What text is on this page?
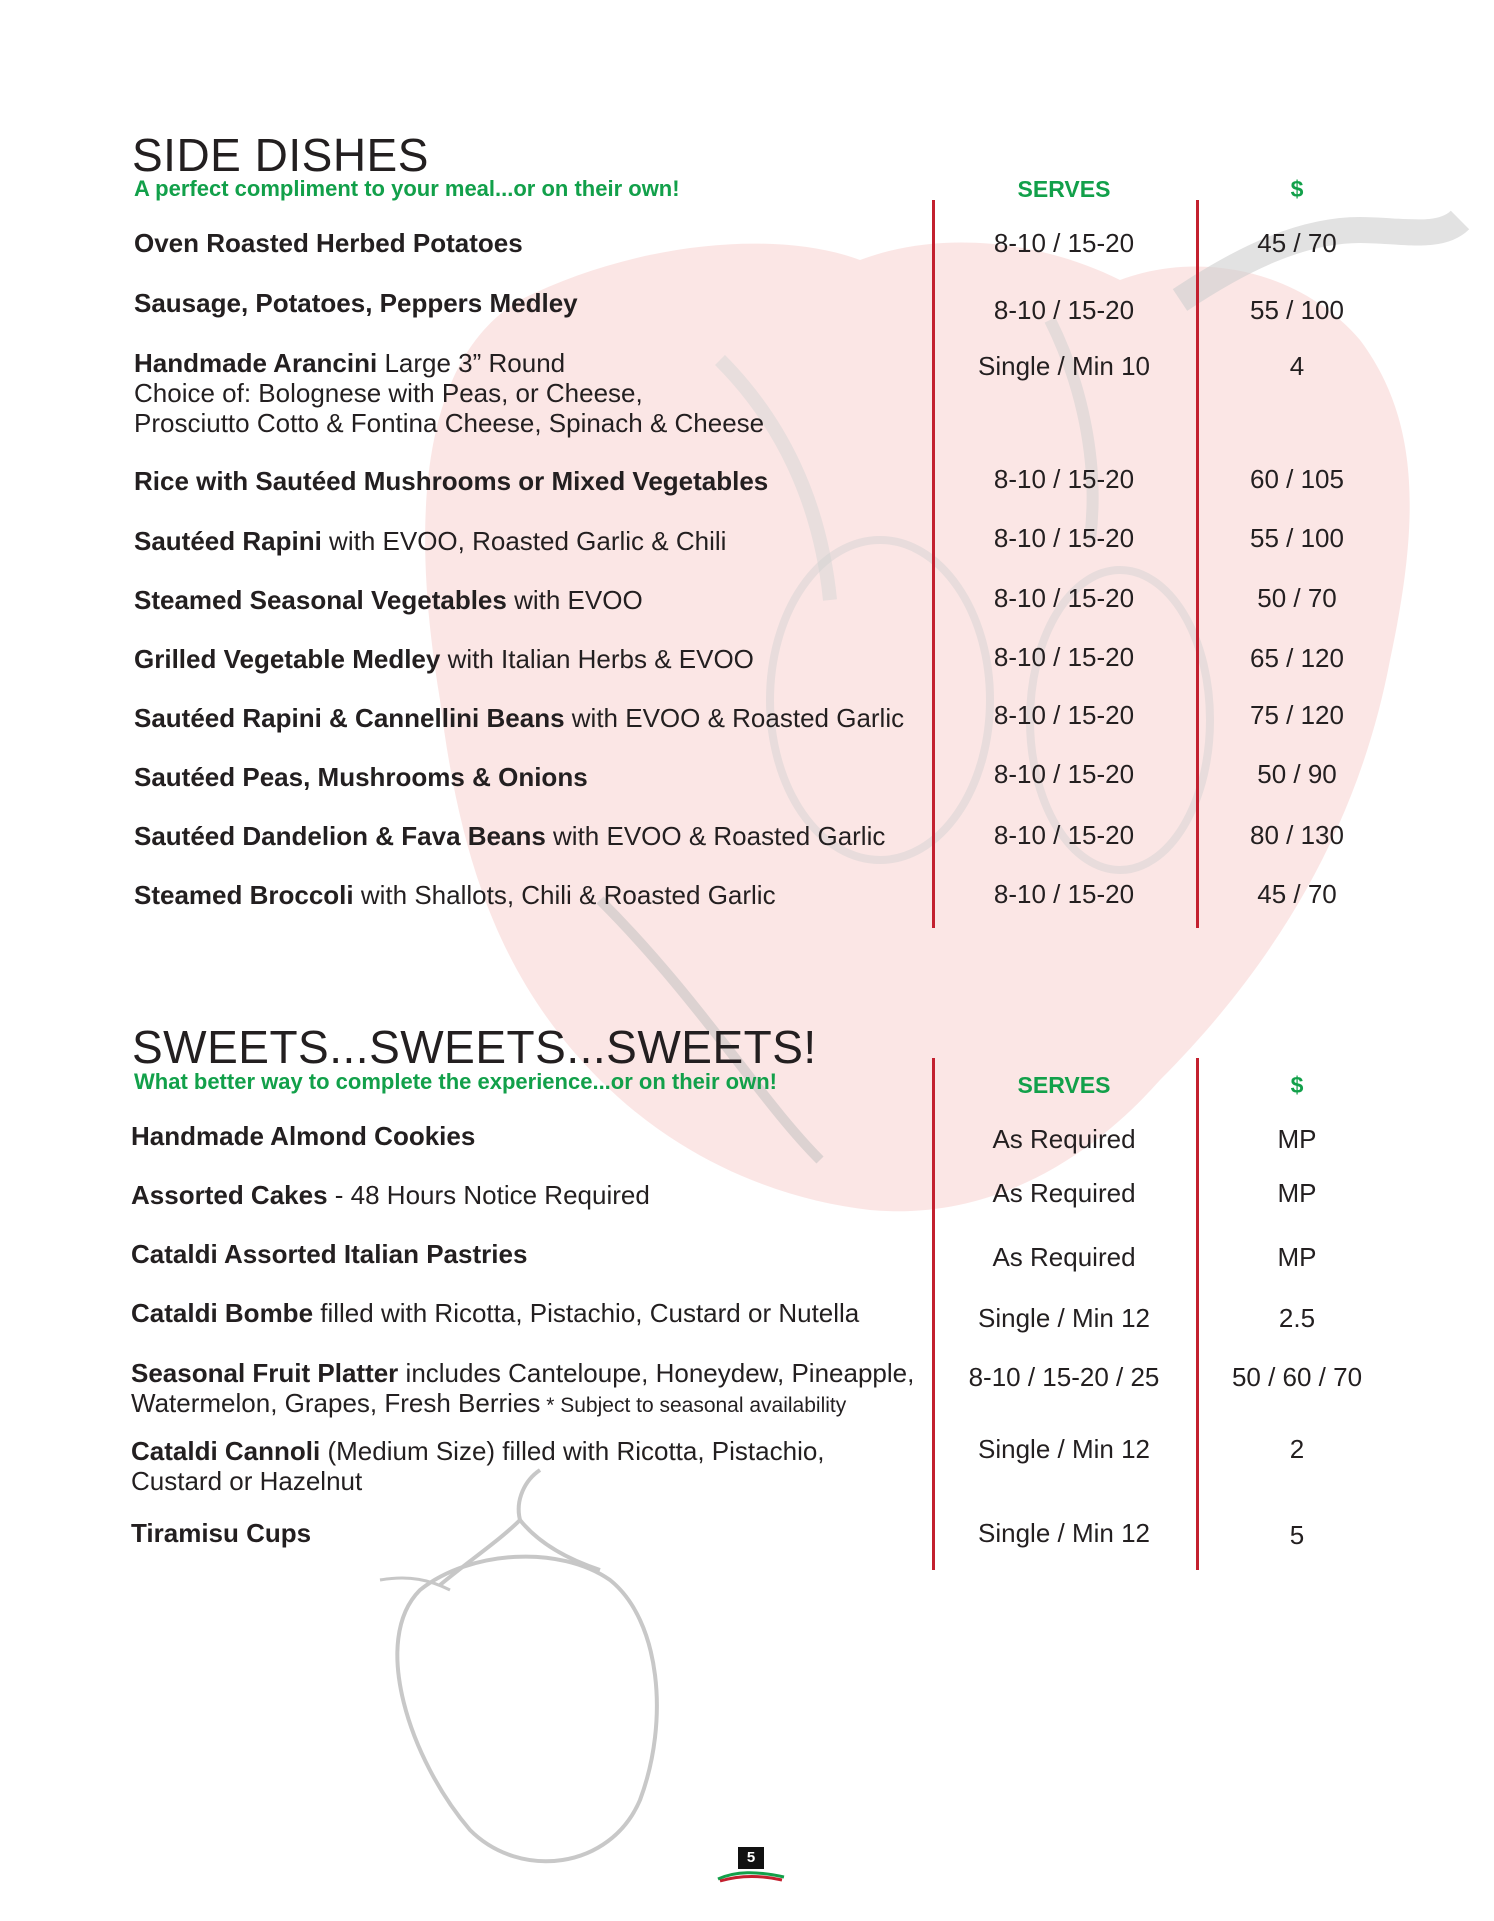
SIDE DISHES
A perfect compliment to your meal...or on their own!	SERVES	$
Oven Roasted Herbed Potatoes	8-10 / 15-20	45 / 70
Sausage, Potatoes, Peppers Medley	8-10 / 15-20	55 / 100
Handmade Arancini Large 3” Round
Choice of: Bolognese with Peas, or Cheese,
Prosciutto Cotto & Fontina Cheese, Spinach & Cheese
Single / Min 10	4
Rice with Sautéed Mushrooms or Mixed Vegetables	8-10 / 15-20	60 / 105
Sautéed Rapini with EVOO, Roasted Garlic & Chili	8-10 / 15-20	55 / 100
Steamed Seasonal Vegetables with EVOO	8-10 / 15-20	50 / 70
Grilled Vegetable Medley with Italian Herbs & EVOO	8-10 / 15-20	65 / 120
Sautéed Rapini & Cannellini Beans with EVOO & Roasted Garlic	8-10 / 15-20	75 / 120
Sautéed Peas, Mushrooms & Onions	8-10 / 15-20	50 / 90
Sautéed Dandelion & Fava Beans with EVOO & Roasted Garlic	8-10 / 15-20	80 / 130
Steamed Broccoli with Shallots, Chili & Roasted Garlic	8-10 / 15-20	45 / 70
SWEETS...SWEETS...SWEETS!
What better way to complete the experience...or on their own!	SERVES	$
Handmade Almond Cookies	As Required	MP
Assorted Cakes - 48 Hours Notice Required	As Required	MP
Cataldi Assorted Italian Pastries	As Required	MP
Cataldi Bombe filled with Ricotta, Pistachio, Custard or Nutella	Single / Min 12	2.5
Seasonal Fruit Platter includes Canteloupe, Honeydew, Pineapple,
Watermelon, Grapes, Fresh Berries * Subject to seasonal availability
8-10 / 15-20 / 25	50 / 60 / 70
Cataldi Cannoli (Medium Size) filled with Ricotta, Pistachio,
Custard or Hazelnut
Single / Min 12	2
Tiramisu Cups	Single / Min 12	5
5
